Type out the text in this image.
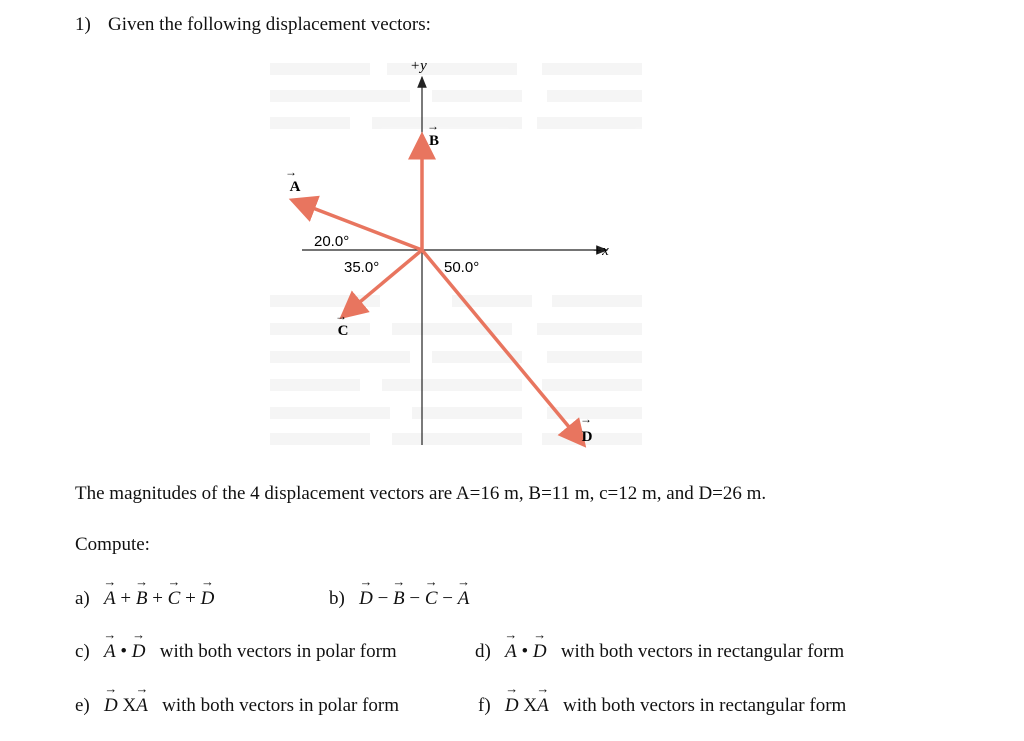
1) Given the following displacement vectors:
+y
+x
→
A
→
B
→
C
→
D
20.0°
35.0°	50.0°
The magnitudes of the 4 displacement vectors are A=16 m, B=11 m, c=12 m, and D=26 m.
Compute:
a) → A + → B + → C + → D	b) → D − → B − → C − → A
c) → A • → D with both vectors in polar form	d) → A • → D with both vectors in rectangular form
e) → D X→ A with both vectors in polar form	f) → D X→ A with both vectors in rectangular form
